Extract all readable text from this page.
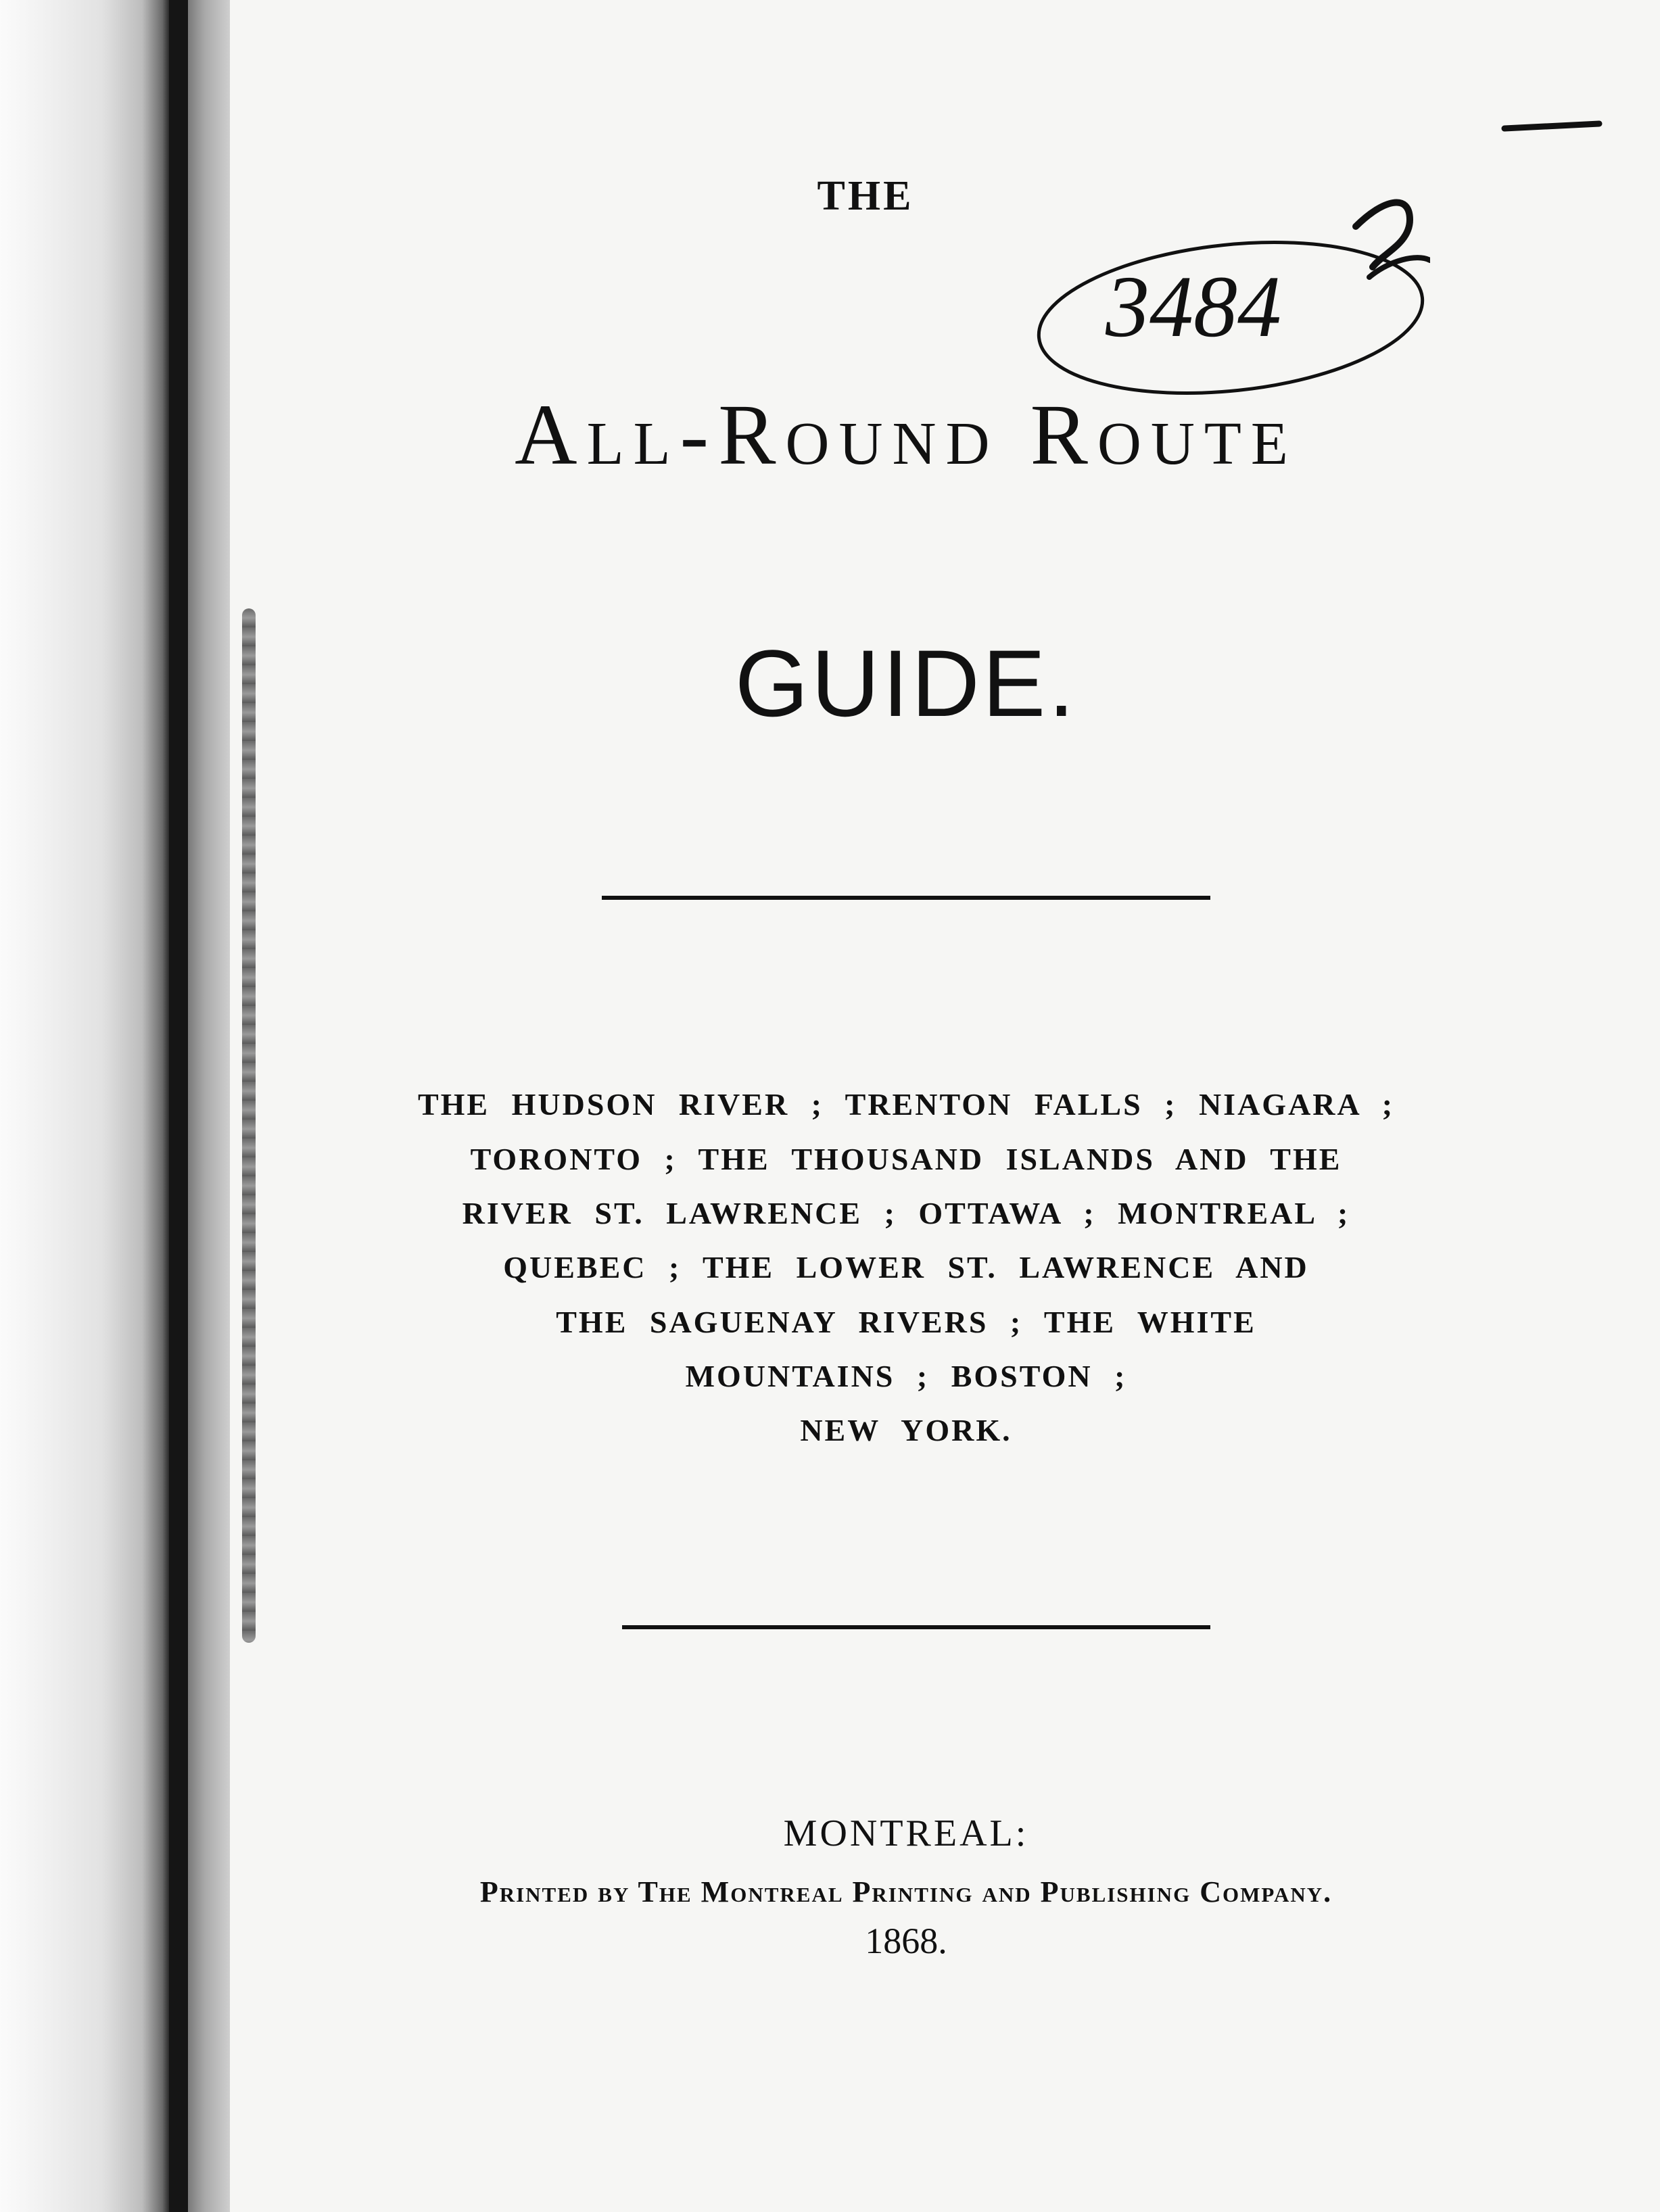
THE
All-Round Route
GUIDE.
THE HUDSON RIVER ; TRENTON FALLS ; NIAGARA ;
TORONTO ; THE THOUSAND ISLANDS AND THE
RIVER ST. LAWRENCE ; OTTAWA ; MONTREAL ;
QUEBEC ; THE LOWER ST. LAWRENCE AND
THE SAGUENAY RIVERS ; THE WHITE
MOUNTAINS ; BOSTON ;
NEW YORK.
MONTREAL:
Printed by The Montreal Printing and Publishing Company.
1868.
3484
